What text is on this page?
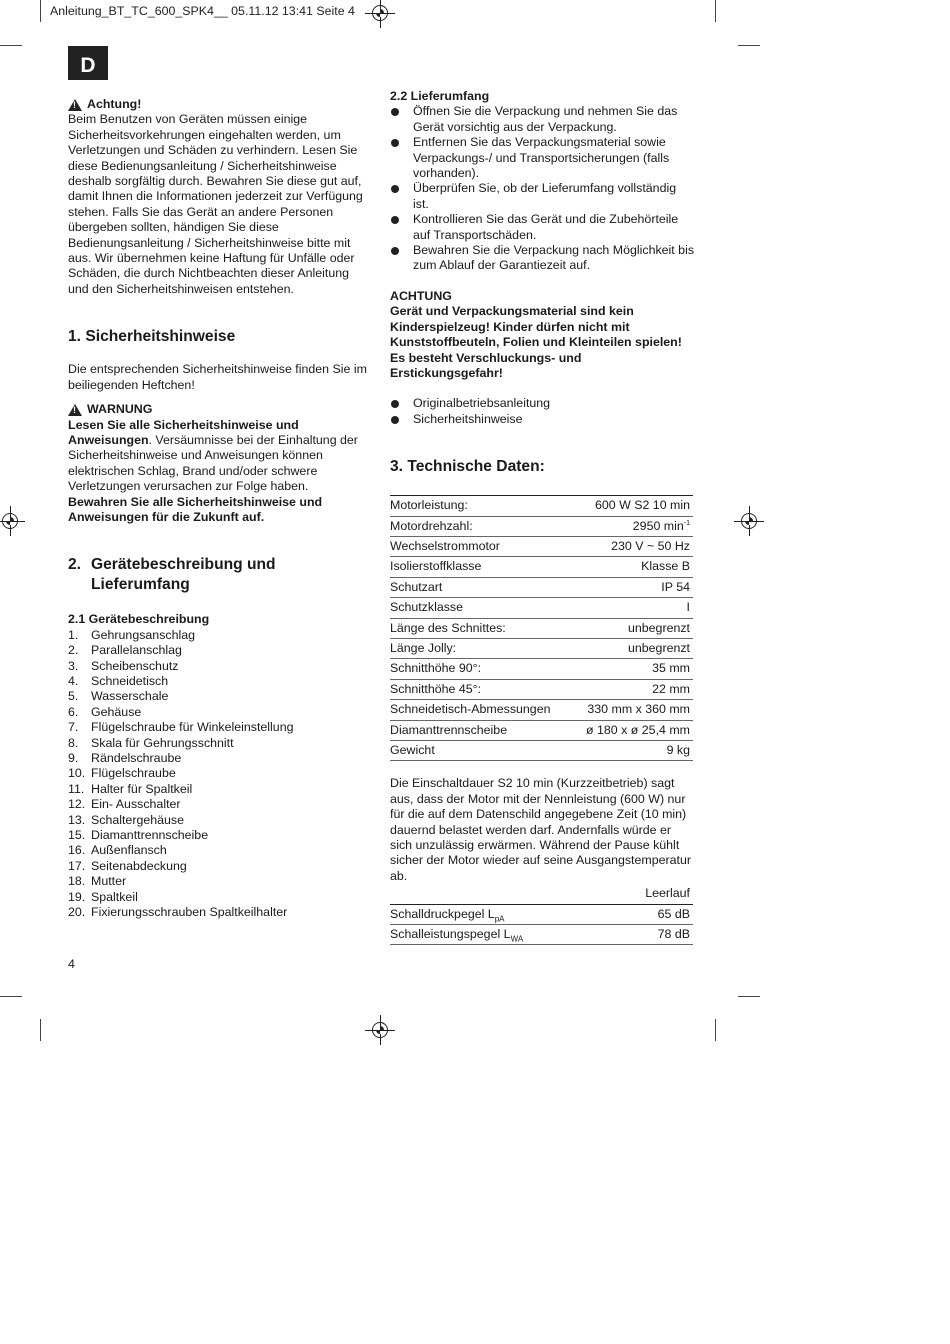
Anleitung_BT_TC_600_SPK4__ 05.11.12 13:41 Seite 4
D
!
Achtung!

Beim Benutzen von Geräten müssen einige Sicherheitsvorkehrungen eingehalten werden, um Verletzungen und Schäden zu verhindern. Lesen Sie diese Bedienungsanleitung / Sicherheitshinweise deshalb sorgfältig durch. Bewahren Sie diese gut auf, damit Ihnen die Informationen jederzeit zur Verfügung stehen. Falls Sie das Gerät an andere Personen übergeben sollten, händigen Sie diese Bedienungsanleitung / Sicherheitshinweise bitte mit aus. Wir übernehmen keine Haftung für Unfälle oder Schäden, die durch Nichtbeachten dieser Anleitung und den Sicherheitshinweisen entstehen.

1. Sicherheitshinweise

Die entsprechenden Sicherheitshinweise finden Sie im beiliegenden Heftchen!

!
WARNUNG

Lesen Sie alle Sicherheitshinweise und Anweisungen. Versäumnisse bei der Einhaltung der Sicherheitshinweise und Anweisungen können elektrischen Schlag, Brand und/oder schwere Verletzungen verursachen zur Folge haben.

Bewahren Sie alle Sicherheitshinweise und Anweisungen für die Zukunft auf.

2. Gerätebeschreibung und
Lieferumfang
2.1 Gerätebeschreibung
1.	Gehrungsanschlag
2.	Parallelanschlag
3.	Scheibenschutz
4.	Schneidetisch
5.	Wasserschale
6.	Gehäuse
7.	Flügelschraube für Winkeleinstellung
8.	Skala für Gehrungsschnitt
9.	Rändelschraube
10. Flügelschraube
11. Halter für Spaltkeil
12. Ein- Ausschalter
13. Schaltergehäuse
15. Diamanttrennscheibe
16. Außenflansch
17. Seitenabdeckung
18. Mutter
19. Spaltkeil
20. Fixierungsschrauben Spaltkeilhalter
2.2 Lieferumfang
Öffnen Sie die Verpackung und nehmen Sie das Gerät vorsichtig aus der Verpackung.
Entfernen Sie das Verpackungsmaterial sowie Verpackungs-/ und Transportsicherungen (falls vorhanden).
Überprüfen Sie, ob der Lieferumfang vollständig ist.
Kontrollieren Sie das Gerät und die Zubehörteile auf Transportschäden.
Bewahren Sie die Verpackung nach Möglichkeit bis zum Ablauf der Garantiezeit auf.

ACHTUNG

Gerät und Verpackungsmaterial sind kein Kinderspielzeug! Kinder dürfen nicht mit Kunststoffbeuteln, Folien und Kleinteilen spielen! Es besteht Verschluckungs- und Erstickungsgefahr!

Originalbetriebsanleitung
Sicherheitshinweise
3. Technische Daten:
Motorleistung:	600 W S2 10 min
Motordrehzahl:	2950 $\min^{-1}$
Wechselstrommotor	230 V ~ 50 Hz
Isolierstoffklasse	Klasse B
Schutzart	IP 54
Schutzklasse	I
Länge des Schnittes:	unbegrenzt
Länge Jolly:	unbegrenzt
Schnitthöhe 90°:	35 mm
Schnitthöhe 45°:	22 mm
Schneidetisch-Abmessungen	330 mm x 360 mm
Diamanttrennscheibe	ø 180 x ø 25,4 mm
Gewicht	9 kg

Die Einschaltdauer S2 10 min (Kurzzeitbetrieb) sagt aus, dass der Motor mit der Nennleistung (600 W) nur für die auf dem Datenschild angegebene Zeit (10 min) dauernd belastet werden darf. Andernfalls würde er sich unzulässig erwärmen. Während der Pause kühlt sicher der Motor wieder auf seine Ausgangstemperatur ab.

	Leerlauf
Schalldruckpegel $L_{pA}$	65 dB
Schalleistungspegel $L_{WA}$	78 dB
4
